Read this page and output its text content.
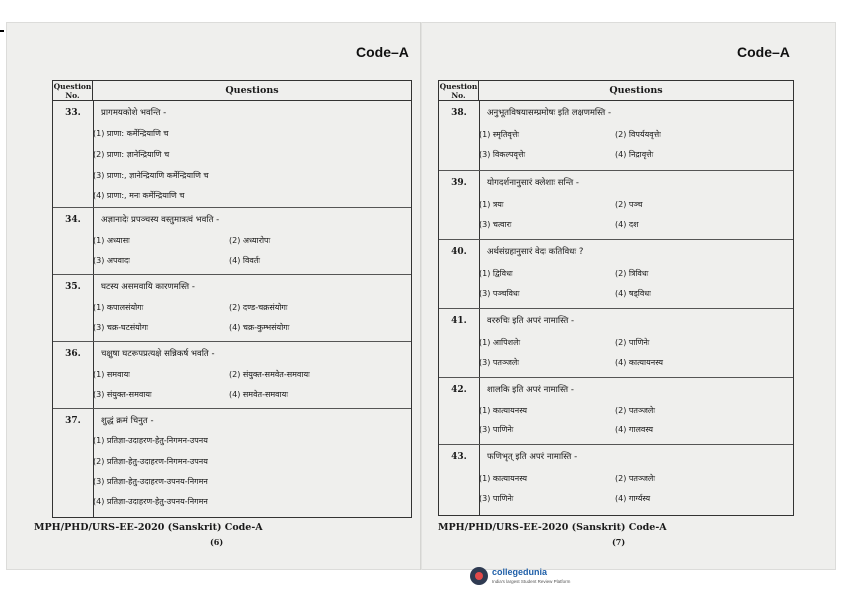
Code–A
Question No.	Questions
33.	प्रागमयकोशे भवन्ति -
(1) प्राणा: कर्मेन्द्रियाणि च
(2) प्राणा: ज्ञानेन्द्रियाणि च
(3) प्राणा:, ज्ञानेन्द्रियाणि कर्मेन्द्रियाणि च
(4) प्राणा:, मनः कर्मेन्द्रियाणि च
34.	अज्ञानादेः प्रपञ्चस्य वस्तुमात्रत्वं भवति -
(1) अध्यासः	(2) अध्यारोपः
(3) अपवादः	(4) विवर्तः
35.	घटस्य असमवायि कारणमस्ति -
(1) कपालसंयोगः	(2) दण्ड-चक्रसंयोगः
(3) चक्र-घटसंयोगः	(4) चक्र-कुम्भसंयोगः
36.	चक्षुषा घटरूपप्रत्यक्षे सन्निकर्ष भवति -
(1) समवायः	(2) संयुक्त-समवेत-समवायः
(3) संयुक्त-समवायः	(4) समवेत-समवायः
37.	शुद्धं क्रमं चिनुत -
(1) प्रतिज्ञा-उदाहरण-हेतु-निगमन-उपनय
(2) प्रतिज्ञा-हेतु-उदाहरण-निगमन-उपनय
(3) प्रतिज्ञा-हेतु-उदाहरण-उपनय-निगमन
(4) प्रतिज्ञा-उदाहरण-हेतु-उपनय-निगमन
MPH/PHD/URS-EE-2020 (Sanskrit) Code-A
(6)
Code–A
Question No.	Questions
38.	अनुभूतविषयासम्प्रमोषः इति लक्षणमस्ति -
(1) स्मृतिवृत्तेः	(2) विपर्ययवृत्तेः
(3) विकल्पवृत्तेः	(4) निद्रावृत्तेः
39.	योगदर्शनानुसारं क्लेशाः सन्ति -
(1) त्रयः	(2) पञ्च
(3) चत्वारः	(4) दश
40.	अर्थसंग्रहानुसारं वेदः कतिविधः ?
(1) द्विविधः	(2) त्रिविधः
(3) पञ्चविधः	(4) षड्विधः
41.	वररुचिः इति अपरं नामास्ति -
(1) आपिशलेः	(2) पाणिनेः
(3) पतञ्जलेः	(4) कात्यायनस्य
42.	शालकि इति अपरं नामास्ति -
(1) कात्यायनस्य	(2) पतञ्जलेः
(3) पाणिनेः	(4) गालवस्य
43.	फणिभृत् इति अपरं नामास्ति -
(1) कात्यायनस्य	(2) पतञ्जलेः
(3) पाणिनेः	(4) गार्ग्यस्य
MPH/PHD/URS-EE-2020 (Sanskrit) Code-A
(7)
collegedunia
India's largest Student Review Platform
